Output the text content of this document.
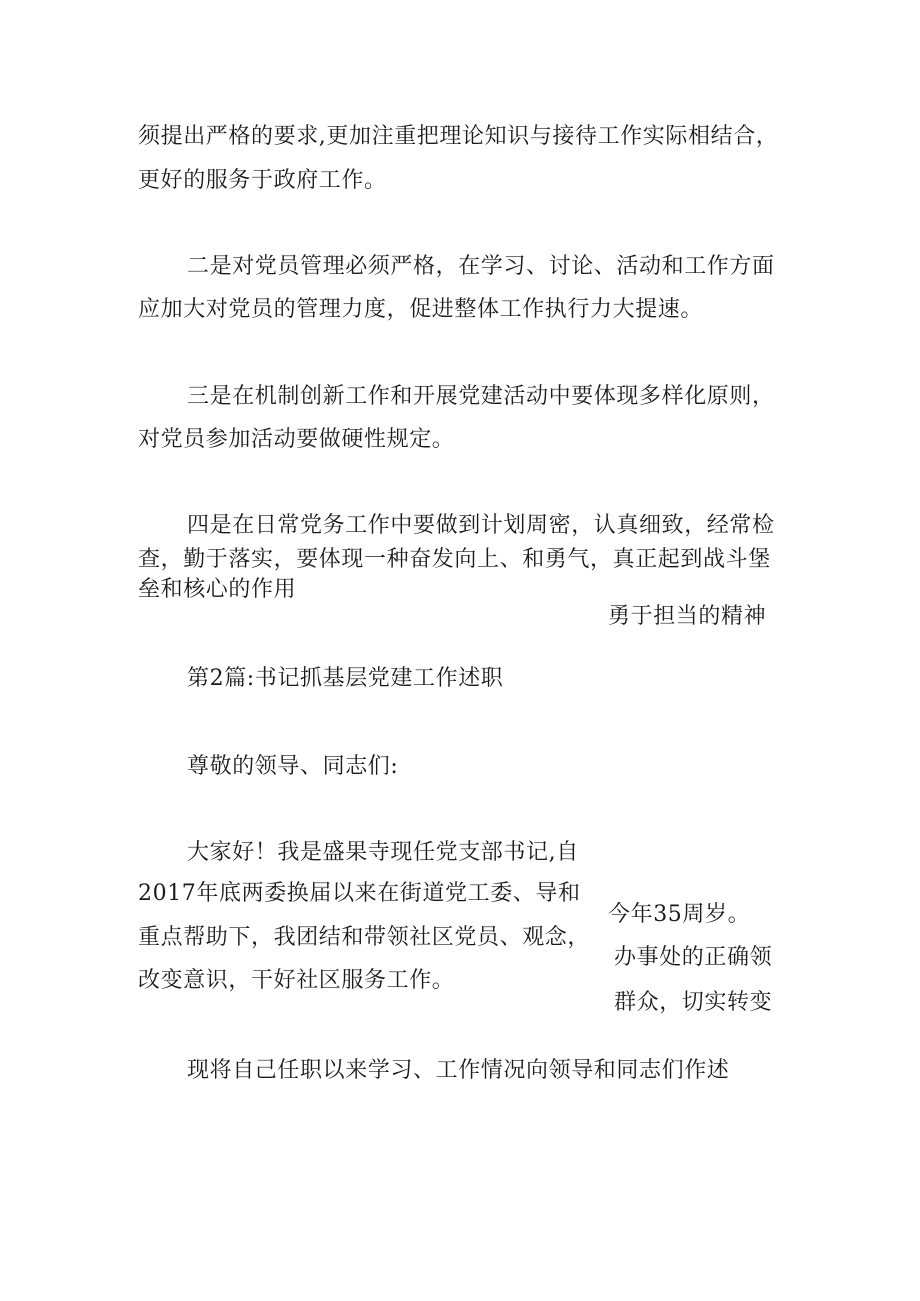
须提出严格的要求,更加注重把理论知识与接待工作实际相结合，

更好的服务于政府工作。

二是对党员管理必须严格，在学习、讨论、活动和工作方面

应加大对党员的管理力度，促进整体工作执行力大提速。

三是在机制创新工作和开展党建活动中要体现多样化原则，

对党员参加活动要做硬性规定。

四是在日常党务工作中要做到计划周密，认真细致，经常检

查，勤于落实，要体现一种奋发向上、和勇气，真正起到战斗堡

垒和核心的作用

勇于担当的精神

第2篇:书记抓基层党建工作述职

尊敬的领导、同志们:

大家好！我是盛果寺现任党支部书记,自

2017年底两委换届以来在街道党工委、导和

重点帮助下，我团结和带领社区党员、观念，

改变意识，干好社区服务工作。

今年35周岁。

办事处的正确领

群众，切实转变

现将自己任职以来学习、工作情况向领导和同志们作述
